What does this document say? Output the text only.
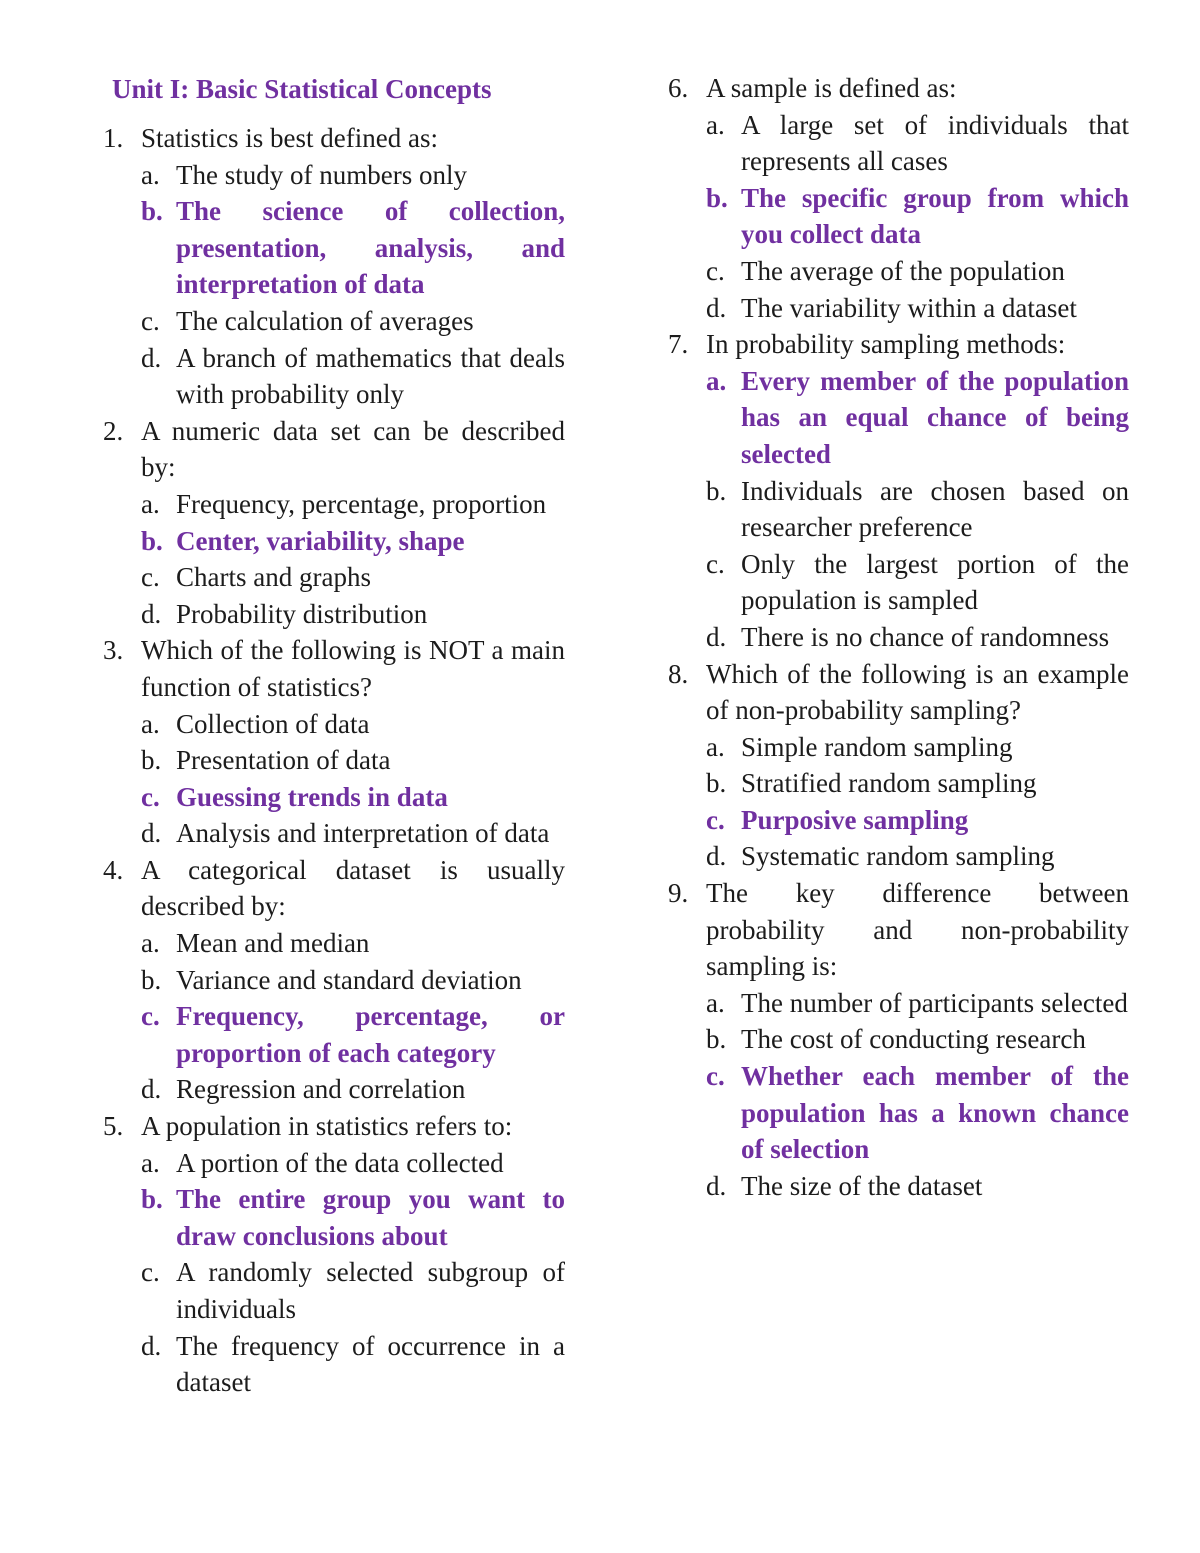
Unit I: Basic Statistical Concepts
1. Statistics is best defined as:
a. The study of numbers only
b. The science of collection, presentation, analysis, and interpretation of data
c. The calculation of averages
d. A branch of mathematics that deals with probability only
2. A numeric data set can be described by:
a. Frequency, percentage, proportion
b. Center, variability, shape
c. Charts and graphs
d. Probability distribution
3. Which of the following is NOT a main function of statistics?
a. Collection of data
b. Presentation of data
c. Guessing trends in data
d. Analysis and interpretation of data
4. A categorical dataset is usually described by:
a. Mean and median
b. Variance and standard deviation
c. Frequency, percentage, or proportion of each category
d. Regression and correlation
5. A population in statistics refers to:
a. A portion of the data collected
b. The entire group you want to draw conclusions about
c. A randomly selected subgroup of individuals
d. The frequency of occurrence in a dataset
6. A sample is defined as:
a. A large set of individuals that represents all cases
b. The specific group from which you collect data
c. The average of the population
d. The variability within a dataset
7. In probability sampling methods:
a. Every member of the population has an equal chance of being selected
b. Individuals are chosen based on researcher preference
c. Only the largest portion of the population is sampled
d. There is no chance of randomness
8. Which of the following is an example of non-probability sampling?
a. Simple random sampling
b. Stratified random sampling
c. Purposive sampling
d. Systematic random sampling
9. The key difference between probability and non-probability sampling is:
a. The number of participants selected
b. The cost of conducting research
c. Whether each member of the population has a known chance of selection
d. The size of the dataset
